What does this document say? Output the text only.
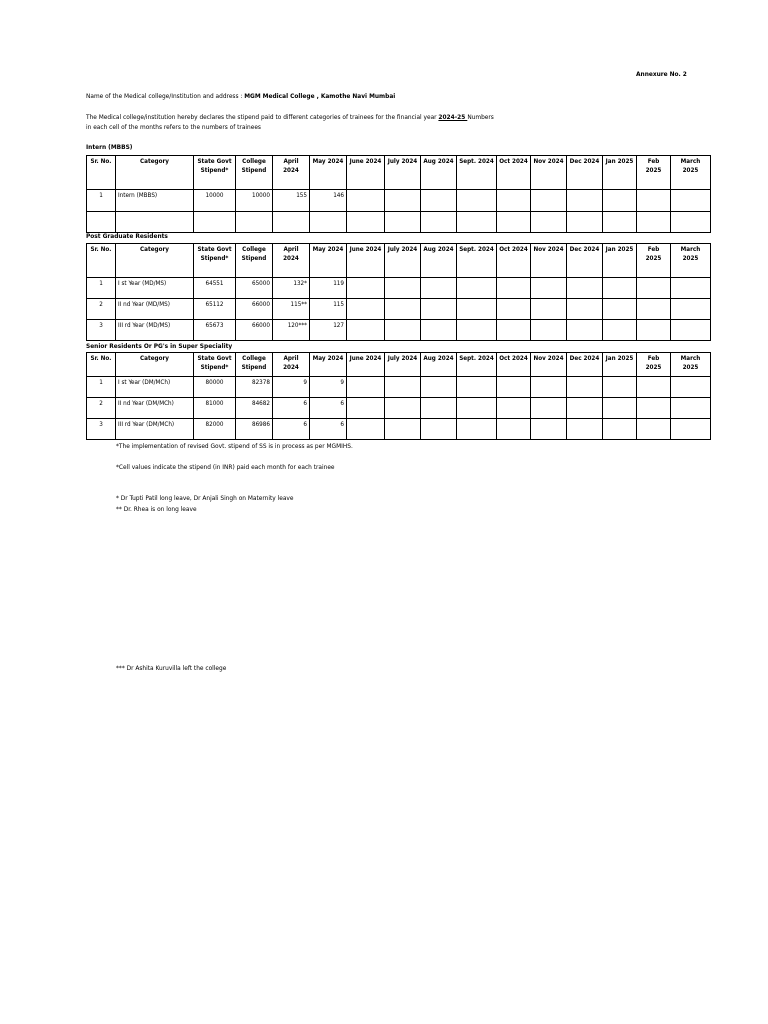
Annexure No. 2
Name of the Medical college/Institution and address : MGM Medical College , Kamothe Navi Mumbai
The Medical college/institution hereby declares the stipend paid to different categories of trainees for the financial year 2024-25 Numbers
in each cell of the months refers to the numbers of trainees
Intern (MBBS)
Sr. No.	Category	State Govt Stipend*	College Stipend	April 2024	May 2024	June 2024	July 2024	Aug 2024	Sept. 2024	Oct 2024	Nov 2024	Dec 2024	Jan 2025	Feb 2025	March 2025
1	Intern (MBBS)	10000	10000	155	146										

Post Graduate Residents
Sr. No.	Category	State Govt Stipend*	College Stipend	April 2024	May 2024	June 2024	July 2024	Aug 2024	Sept. 2024	Oct 2024	Nov 2024	Dec 2024	Jan 2025	Feb 2025	March 2025
1	I st Year (MD/MS)	64551	65000	132*	119										
2	II nd Year (MD/MS)	65112	66000	115**	115										
3	III rd Year (MD/MS)	65673	66000	120***	127										
Senior Residents Or PG's in Super Speciality
Sr. No.	Category	State Govt Stipend*	College Stipend	April 2024	May 2024	June 2024	July 2024	Aug 2024	Sept. 2024	Oct 2024	Nov 2024	Dec 2024	Jan 2025	Feb 2025	March 2025
1	I st Year (DM/MCh)	80000	82378	9	9										
2	II nd Year (DM/MCh)	81000	84682	6	6										
3	III rd Year (DM/MCh)	82000	86986	6	6										
*The implementation of revised Govt. stipend of SS is in process as per MGMIHS.
*Cell values indicate the stipend (in INR) paid each month for each trainee
* Dr Tupti Patil long leave, Dr Anjali Singh on Maternity leave
** Dr. Rhea is on long leave
*** Dr Ashita Kuruvilla left the college
